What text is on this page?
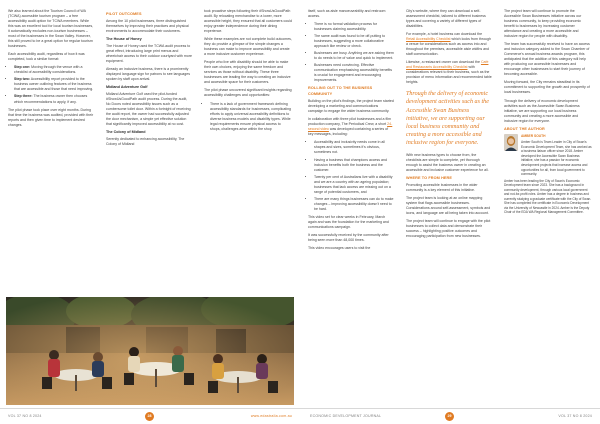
We also learned about the Tourism Council of WA (TCWA) accessible tourism program – a free accessibility audit option for TCWA members. While this was an excellent tool for local tourism businesses, it automatically excludes non-tourism businesses – most of the businesses in the Swan Valley. However, this still proved to be a great option for regular tourism businesses.

Each accessibility audit, regardless of how it was completed, took a similar format:

• Step one: Moving through the venue with a checklist of accessibility considerations.
• Step two: Accessibility report provided to the business owner outlining features of the business that are accessible and those that need improving.
• Step three: The business owner then chooses which recommendations to apply, if any.

The pilot phase took place over eight months. During that time the business was audited, provided with their reports and then given time to implement desired changes.

PILOT OUTCOMES

Among the 10 pilot businesses, three distinguished themselves by improving their practices and physical environments to accommodate their customers.

The House of Honey

The House of Honey used the TCWA audit process to great effect, introducing large print menus and wheelchair access to their outdoor courtyard with more equipment.

Already an inclusive business, there is a prominently displayed language sign for patrons to see languages spoken by staff upon arrival.

Midland Adventure Golf

Midland Adventure Golf used the pilot-funded #ShowUsGoodPath audit process. During the audit, No Doors noted accessibility issues such as a cumbersome toilet door. Within a fortnight of receiving the audit report, the owner had successfully adjusted the door mechanism, a simple yet effective solution that significantly improved accessibility at no cost.

The Colony of Midland

Serenity dedicated to enhancing accessibility, The Colony of Midland

took proactive steps following their #ShowUsGoodPath audit. By relocating merchandise to a lower, more accessible height, they ensured that all customers could enjoy greater independence during their dining experience.

While these examples are not complete build outcomes, they do provide a glimpse of the simple changes a business can make to improve accessibility and create a more inclusive customer experience.

People who live with disability should be able to make their own choices, enjoying the same freedom and services as those without disability. These three businesses are leading the way to creating an inclusive and accessible space for their customers.

The pilot phase uncovered significant insights regarding accessibility challenges and opportunities:

• There is a lack of government framework defining accessibility standards for businesses, complicating efforts to apply universal accessibility definitions to diverse business models and disability types. While legal requirements ensure physical access to shops, challenges arise within the shop
VOL 37 NO 8 2024	28	www.edastralia.com.au

itself, such as aisle manoeuvrability and restroom access.

• There is no formal validation process for businesses claiming accessibility.
• The same audit was found to be off-putting to businesses, suggesting a more collaborative approach like review or check.
• Businesses are busy. Anything we are asking them to do needs to be of value and quick to implement.
• Businesses need convincing. Effective communication emphasising accessibility benefits is crucial for engagement and encouraging improvements.
ROLLING OUT TO THE BUSINESS COMMUNITY

Building on the pilot's findings, the project team started developing a marketing and communications campaign to engage the wider business community.

In collaboration with three pilot businesses and a film production company, The Periodical Crew, a short 24-second video was developed containing a series of key messages, including:

• Accessibility and inclusivity needs come in all shapes and sizes, sometimes it's obvious, sometimes not.
• Having a business that champions access and inclusion benefits both the business and the customer.
• Twenty per cent of Australians live with a disability and we are a country with an ageing population; businesses that lack access are missing out on a range of potential customers, and
• There are many things businesses can do to make changes – improving accessibility doesn't need to be hard.

This video set for clear weeks in February, March again and was the foundation for the marketing and communications campaign.

It was successfully received by the community after being seen more than 48,000 times.

This video encourages users to visit the

City's website, where they can download a self-assessment checklist, tailored to different business types and covering a variety of different types of disabilities.

For example, a hotel business can download the Retail Accessibility Checklist which looks from through a venue for considerations such as access into and throughout the premises, accessible aisle widths and staff communication.

Likewise, a restaurant owner can download the Café and Restaurants Accessibility Checklist with considerations relevant to their business, such as the provision of menu information and recommended table heights.

Through the delivery of economic development activities such as the Accessible Swan Business initiative, we are supporting our local business community and creating a more accessible and inclusive region for everyone.

With new business types to choose from, the checklists are simple to complete, yet thorough enough to assist the business owner in creating an accessible and inclusive customer experience for all.

WHERE TO FROM HERE

Promoting accessible businesses in the wider community is a key element of this initiative.

The project team is looking at an online mapping system that flags accessible businesses. Considerations around self-assessment, symbols and icons, and language are all being taken into account.

The project team will continue to engage with the pilot businesses to collect data and demonstrate their success – highlighting positive outcomes and encouraging participation from new businesses.

The project team will continue to promote the Accessible Swan Businesses initiative across our business community, to keep providing economic benefit to businesses by increasing customer attendance and creating a more accessible and inclusive region for people with disability.

The team has successfully received to have an access and inclusion category added to the Swan Chamber of Commerce's annual business awards program, this anticipated that the addition of this category will help with producing our accessible businesses and encourage other businesses to start their journey of becoming accessible.

Moving forward, the City remains steadfast in its commitment to supporting the growth and prosperity of local businesses.

Through the delivery of economic development activities such as the Accessible Swan Business initiative, we are supporting our local business community and creating a more accessible and inclusive region for everyone.

ABOUT THE AUTHOR
AMBER SOUTH

Amber South is Team Leader in City of Swan's Economic Development Team, she has worked as a business liaison officer since 2018. Amber developed the Accessible Swan Business initiative, she has a passion for economic development projects that increase access and opportunities for all, from local government to community.

Amber has been leading the City of Swan's Economic Development team since 2023. She has a background in community development, through various local government and not-for-profit roles. Amber has a degree in business and currently studying a graduate certificate with the City of Swan. She has completed the certificate in Economic Development via the University of Newcastle in 2024. Amber is the Deputy Chair of the EDA WA Regional Management Committee.

ECONOMIC DEVELOPMENT JOURNAL	29	VOL 37 NO 8 2024
